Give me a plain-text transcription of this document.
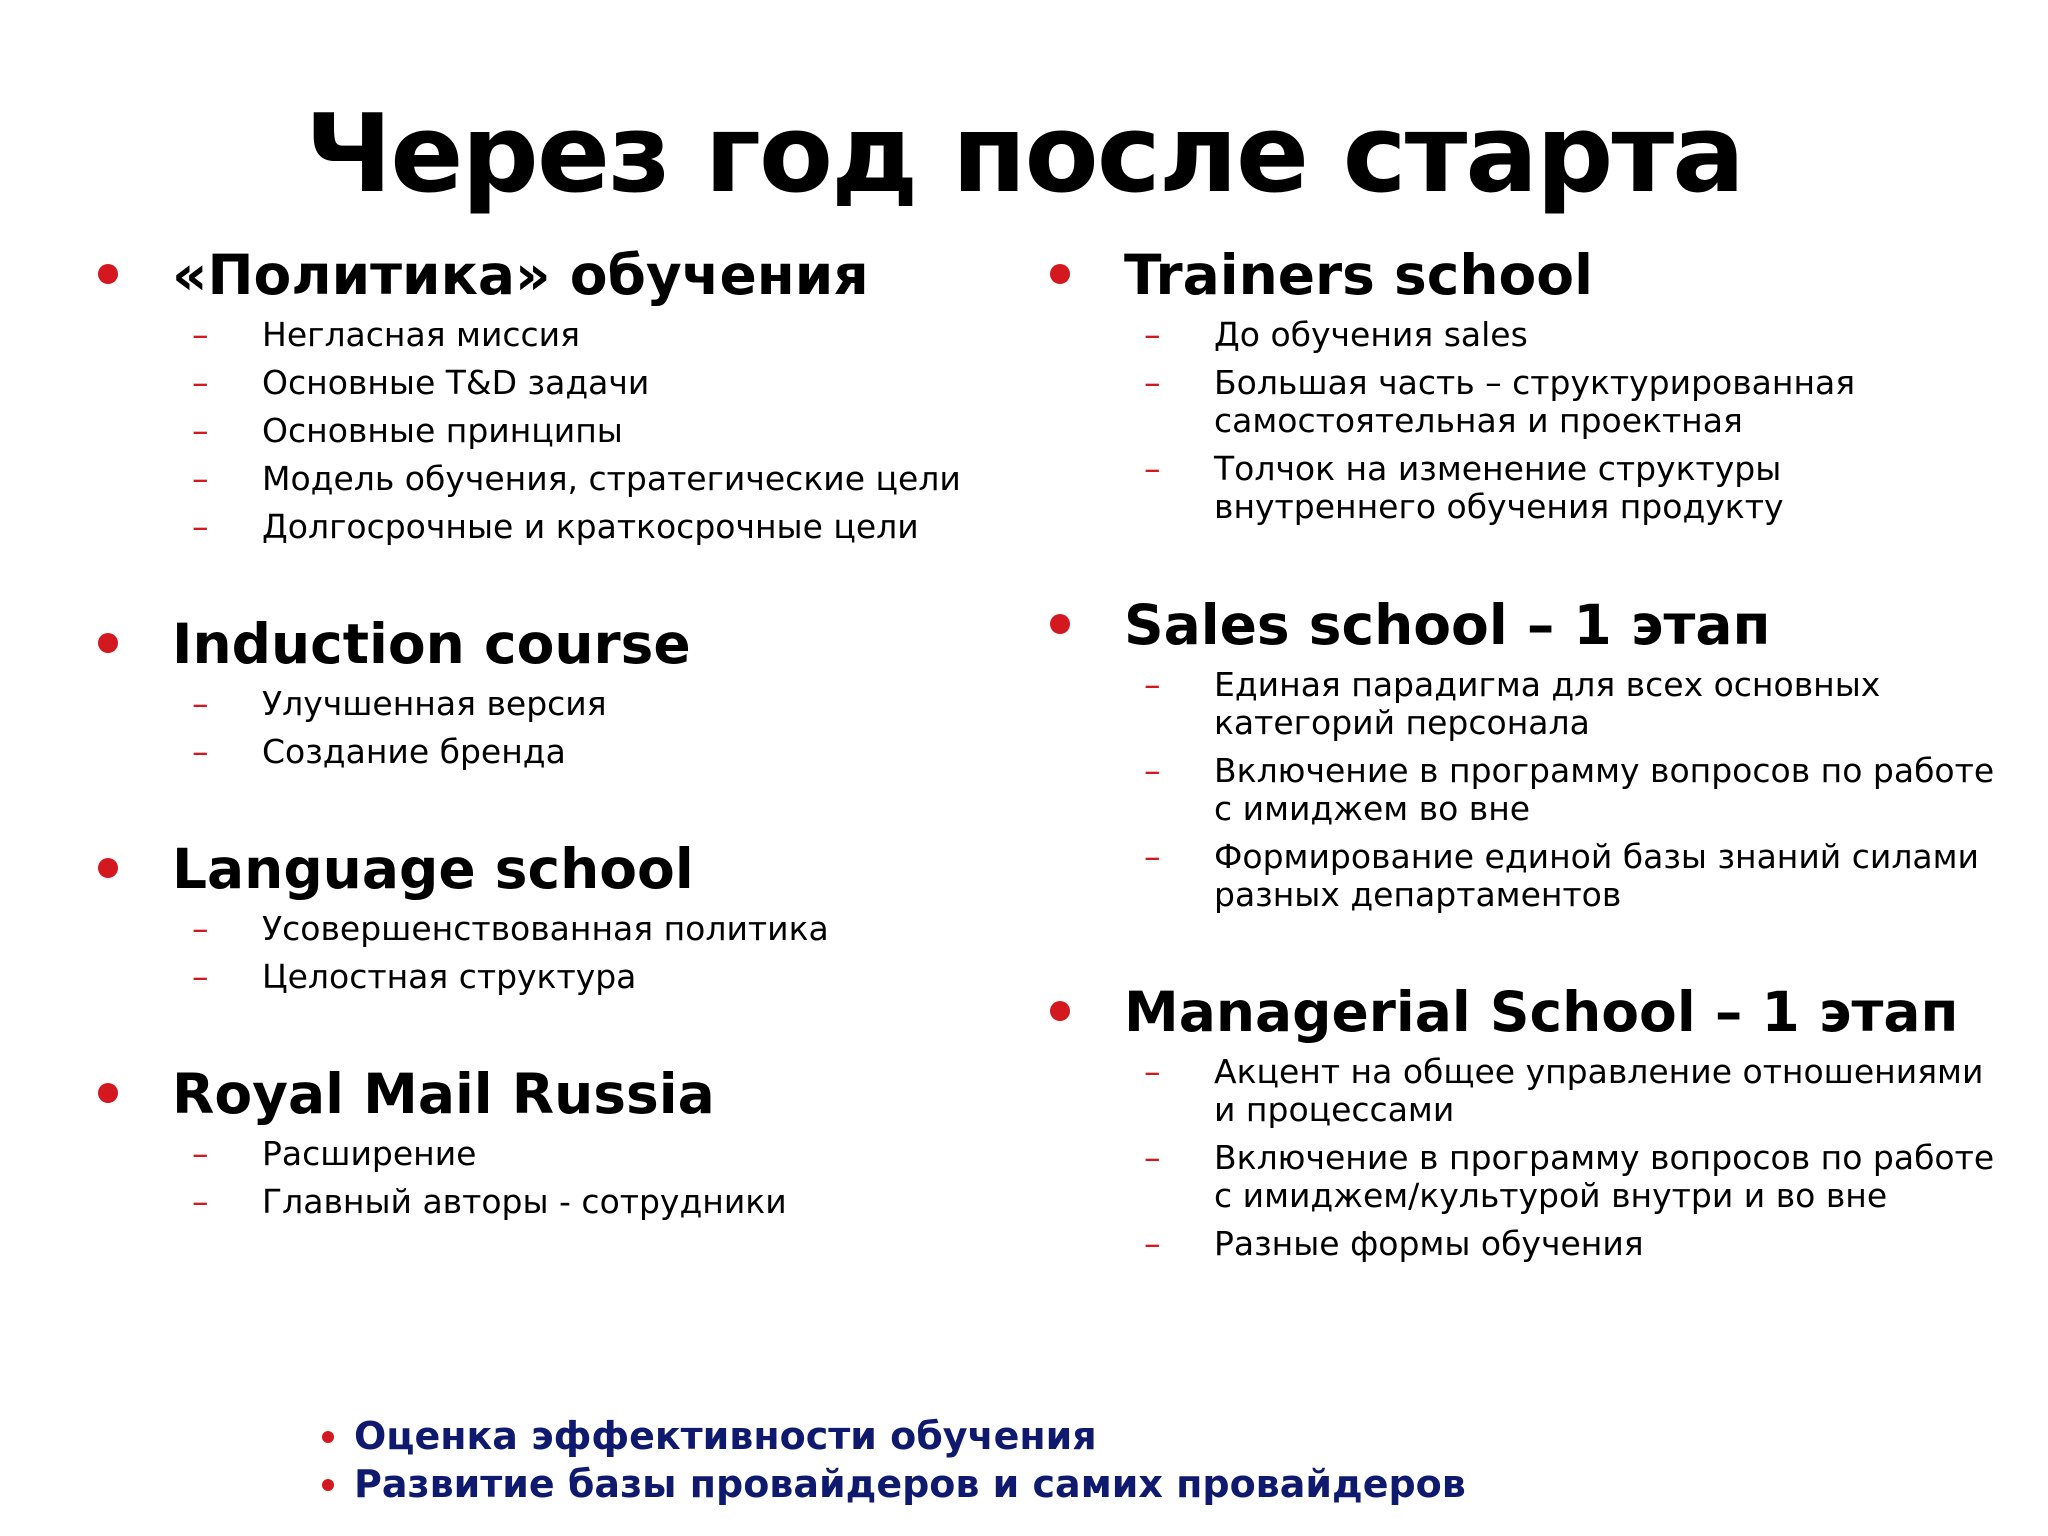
Через год после старта
«Политика» обучения
– Негласная миссия
– Основные T&D задачи
– Основные принципы
– Модель обучения, стратегические цели
– Долгосрочные и краткосрочные цели
Induction course
– Улучшенная версия
– Создание бренда
Language school
– Усовершенствованная политика
– Целостная структура
Royal Mail Russia
– Расширение
– Главный авторы - сотрудники
Trainers school
– До обучения sales
– Большая часть – структурированная самостоятельная и проектная
– Толчок на изменение структуры внутреннего обучения продукту
Sales school – 1 этап
– Единая парадигма для всех основных категорий персонала
– Включение в программу вопросов по работе с имиджем во вне
– Формирование единой базы знаний силами разных департаментов
Managerial School – 1 этап
– Акцент на общее управление отношениями и процессами
– Включение в программу вопросов по работе с имиджем/культурой внутри и во вне
– Разные формы обучения
Оценка эффективности обучения
Развитие базы провайдеров и самих провайдеров
